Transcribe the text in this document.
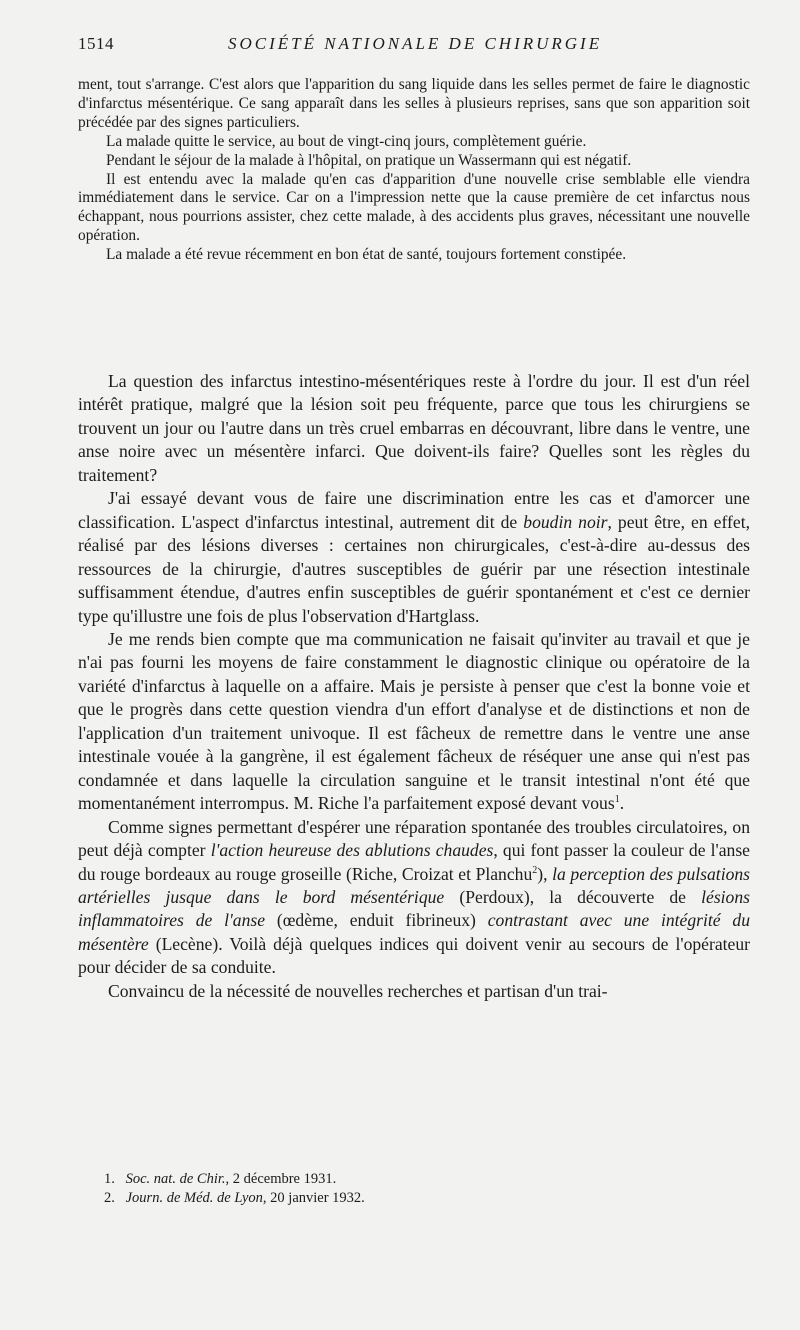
1514	SOCIÉTÉ NATIONALE DE CHIRURGIE

ment, tout s'arrange. C'est alors que l'apparition du sang liquide dans les selles permet de faire le diagnostic d'infarctus mésentérique. Ce sang apparaît dans les selles à plusieurs reprises, sans que son apparition soit précédée par des signes particuliers.

La malade quitte le service, au bout de vingt-cinq jours, complètement guérie.

Pendant le séjour de la malade à l'hôpital, on pratique un Wassermann qui est négatif.

Il est entendu avec la malade qu'en cas d'apparition d'une nouvelle crise semblable elle viendra immédiatement dans le service. Car on a l'impression nette que la cause première de cet infarctus nous échappant, nous pourrions assister, chez cette malade, à des accidents plus graves, nécessitant une nouvelle opération.

La malade a été revue récemment en bon état de santé, toujours fortement constipée.

La question des infarctus intestino-mésentériques reste à l'ordre du jour. Il est d'un réel intérêt pratique, malgré que la lésion soit peu fréquente, parce que tous les chirurgiens se trouvent un jour ou l'autre dans un très cruel embarras en découvrant, libre dans le ventre, une anse noire avec un mésentère infarci. Que doivent-ils faire? Quelles sont les règles du traitement?

J'ai essayé devant vous de faire une discrimination entre les cas et d'amorcer une classification. L'aspect d'infarctus intestinal, autrement dit de boudin noir, peut être, en effet, réalisé par des lésions diverses : certaines non chirurgicales, c'est-à-dire au-dessus des ressources de la chirurgie, d'autres susceptibles de guérir par une résection intestinale suffisamment étendue, d'autres enfin susceptibles de guérir spontanément et c'est ce dernier type qu'illustre une fois de plus l'observation d'Hartglass.

Je me rends bien compte que ma communication ne faisait qu'inviter au travail et que je n'ai pas fourni les moyens de faire constamment le diagnostic clinique ou opératoire de la variété d'infarctus à laquelle on a affaire. Mais je persiste à penser que c'est la bonne voie et que le progrès dans cette question viendra d'un effort d'analyse et de distinctions et non de l'application d'un traitement univoque. Il est fâcheux de remettre dans le ventre une anse intestinale vouée à la gangrène, il est également fâcheux de réséquer une anse qui n'est pas condamnée et dans laquelle la circulation sanguine et le transit intestinal n'ont été que momentanément interrompus. M. Riche l'a parfaitement exposé devant vous$^1$.

Comme signes permettant d'espérer une réparation spontanée des troubles circulatoires, on peut déjà compter l'action heureuse des ablutions chaudes, qui font passer la couleur de l'anse du rouge bordeaux au rouge groseille (Riche, Croizat et Planchu$^2$), la perception des pulsations artérielles jusque dans le bord mésentérique (Perdoux), la découverte de lésions inflammatoires de l'anse (œdème, enduit fibrineux) contrastant avec une intégrité du mésentère (Lecène). Voilà déjà quelques indices qui doivent venir au secours de l'opérateur pour décider de sa conduite.

Convaincu de la nécessité de nouvelles recherches et partisan d'un trai-

1. Soc. nat. de Chir., 2 décembre 1931.
2. Journ. de Méd. de Lyon, 20 janvier 1932.
